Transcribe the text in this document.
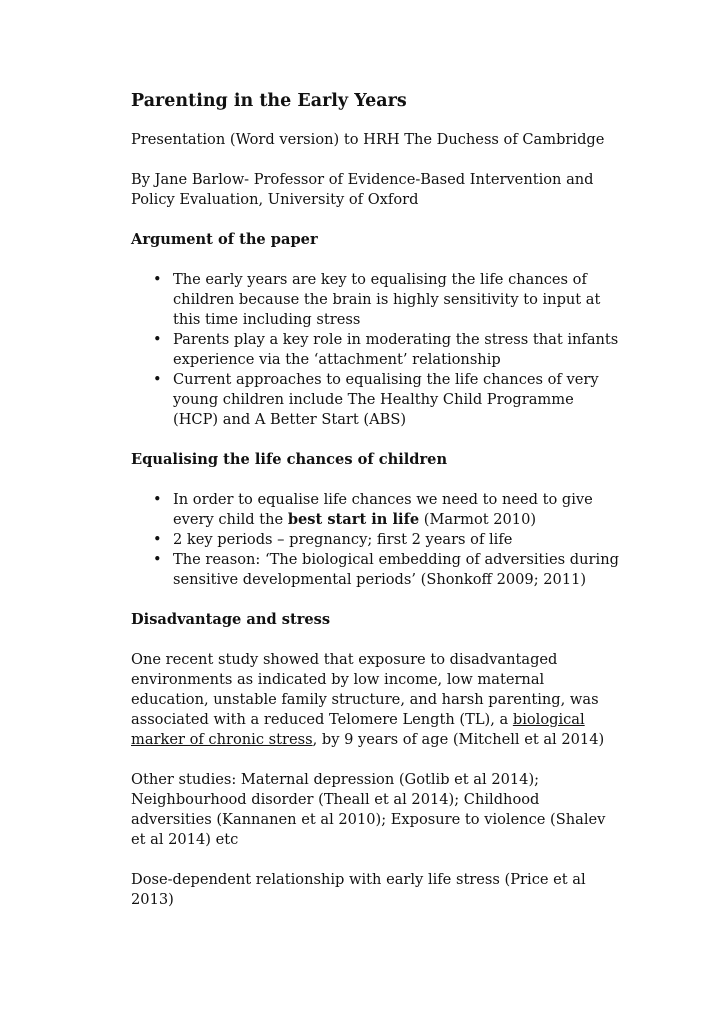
Parenting in the Early Years

Presentation (Word version) to HRH The Duchess of Cambridge

By Jane Barlow- Professor of Evidence-Based Intervention and Policy Evaluation, University of Oxford

Argument of the paper
• The early years are key to equalising the life chances of children because the brain is highly sensitivity to input at this time including stress
• Parents play a key role in moderating the stress that infants experience via the ‘attachment’ relationship
• Current approaches to equalising the life chances of very young children include The Healthy Child Programme (HCP) and A Better Start (ABS)
Equalising the life chances of children
• In order to equalise life chances we need to need to give every child the best start in life (Marmot 2010)
• 2 key periods – pregnancy; first 2 years of life
• The reason: ‘The biological embedding of adversities during sensitive developmental periods’ (Shonkoff 2009; 2011)
Disadvantage and stress

One recent study showed that exposure to disadvantaged environments as indicated by low income, low maternal education, unstable family structure, and harsh parenting, was associated with a reduced Telomere Length (TL), a biological marker of chronic stress, by 9 years of age (Mitchell et al 2014)

Other studies: Maternal depression (Gotlib et al 2014); Neighbourhood disorder (Theall et al 2014); Childhood adversities (Kannanen et al 2010); Exposure to violence (Shalev et al 2014) etc

Dose-dependent relationship with early life stress (Price et al 2013)
